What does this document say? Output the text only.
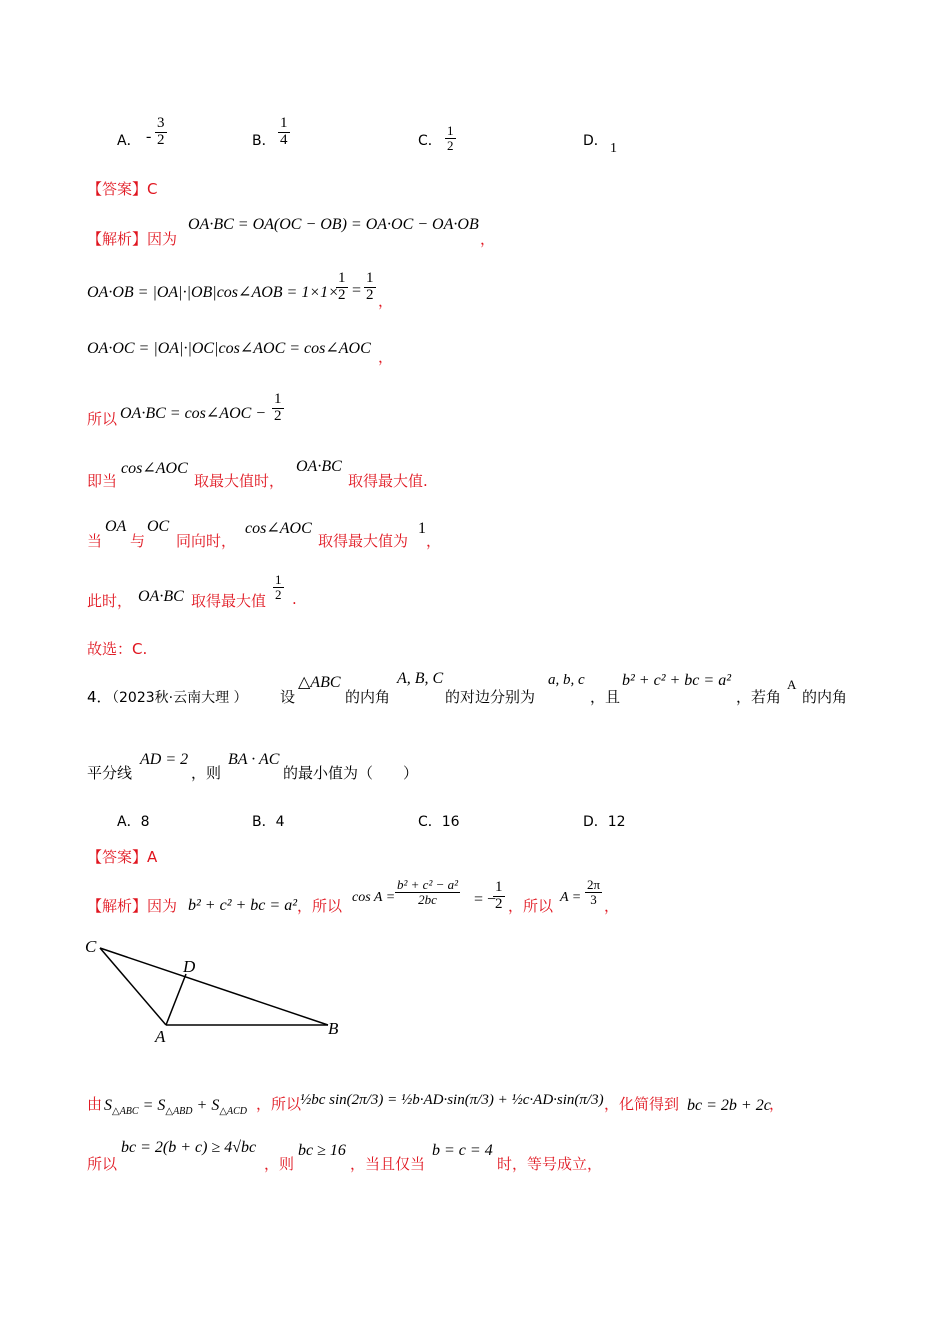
A． - $\frac{3}{2}$	B． $\frac{1}{4}$	C． $\frac{1}{2}$	D． 1
【答案】C
【解析】因为
OA·BC = OA(OC − OB) = OA·OC − OA·OB
，
OA·OB = |OA|·|OB|cos∠AOB = 1×1×
$\frac{1}{2} = \frac{1}{2}$ ，
OA·OC = |OA|·|OC|cos∠AOC = cos∠AOC ，
所以 OA·BC = cos∠AOC − $\frac{1}{2}$
即当
cos∠AOC
取最大值时，
OA·BC
取得最大值.
当
OA
与
OC
同向时，
cos∠AOC
取得最大值为
1
，
此时， OA·BC 取得最大值 $\frac{1}{2}$ .
故选：C.
4．
（2023秋·云南大理 ） 设
△ABC
的内角
A, B, C
的对边分别为
a, b, c
，且
b² + c² + bc = a²
，若角
A
的内角
平分线
AD = 2
，则
BA · AC
的最小值为（　　）
A．8	B．4	C．16	D．12
【答案】A
【解析】因为 b² + c² + bc = a² ，所以 $\cos A = \frac{\text{b² + c² − a²}}{2bc}$ = −
$\frac{1}{2}$ ，所以 $A = \frac{2\pi}{3}$ ，
C
D
A	B
由 $S_{\triangle ABC} = S_{\triangle ABD} + S_{\triangle ACD}$ ，所以
½bc sin(2π/3) = ½b·AD·sin(π/3) + ½c·AD·sin(π/3) ，化简得到 bc = 2b + 2c
，
所以
bc = 2(b + c) ≥ 4√bc
，则
bc ≥ 16
，当且仅当
b = c = 4
时，等号成立，
